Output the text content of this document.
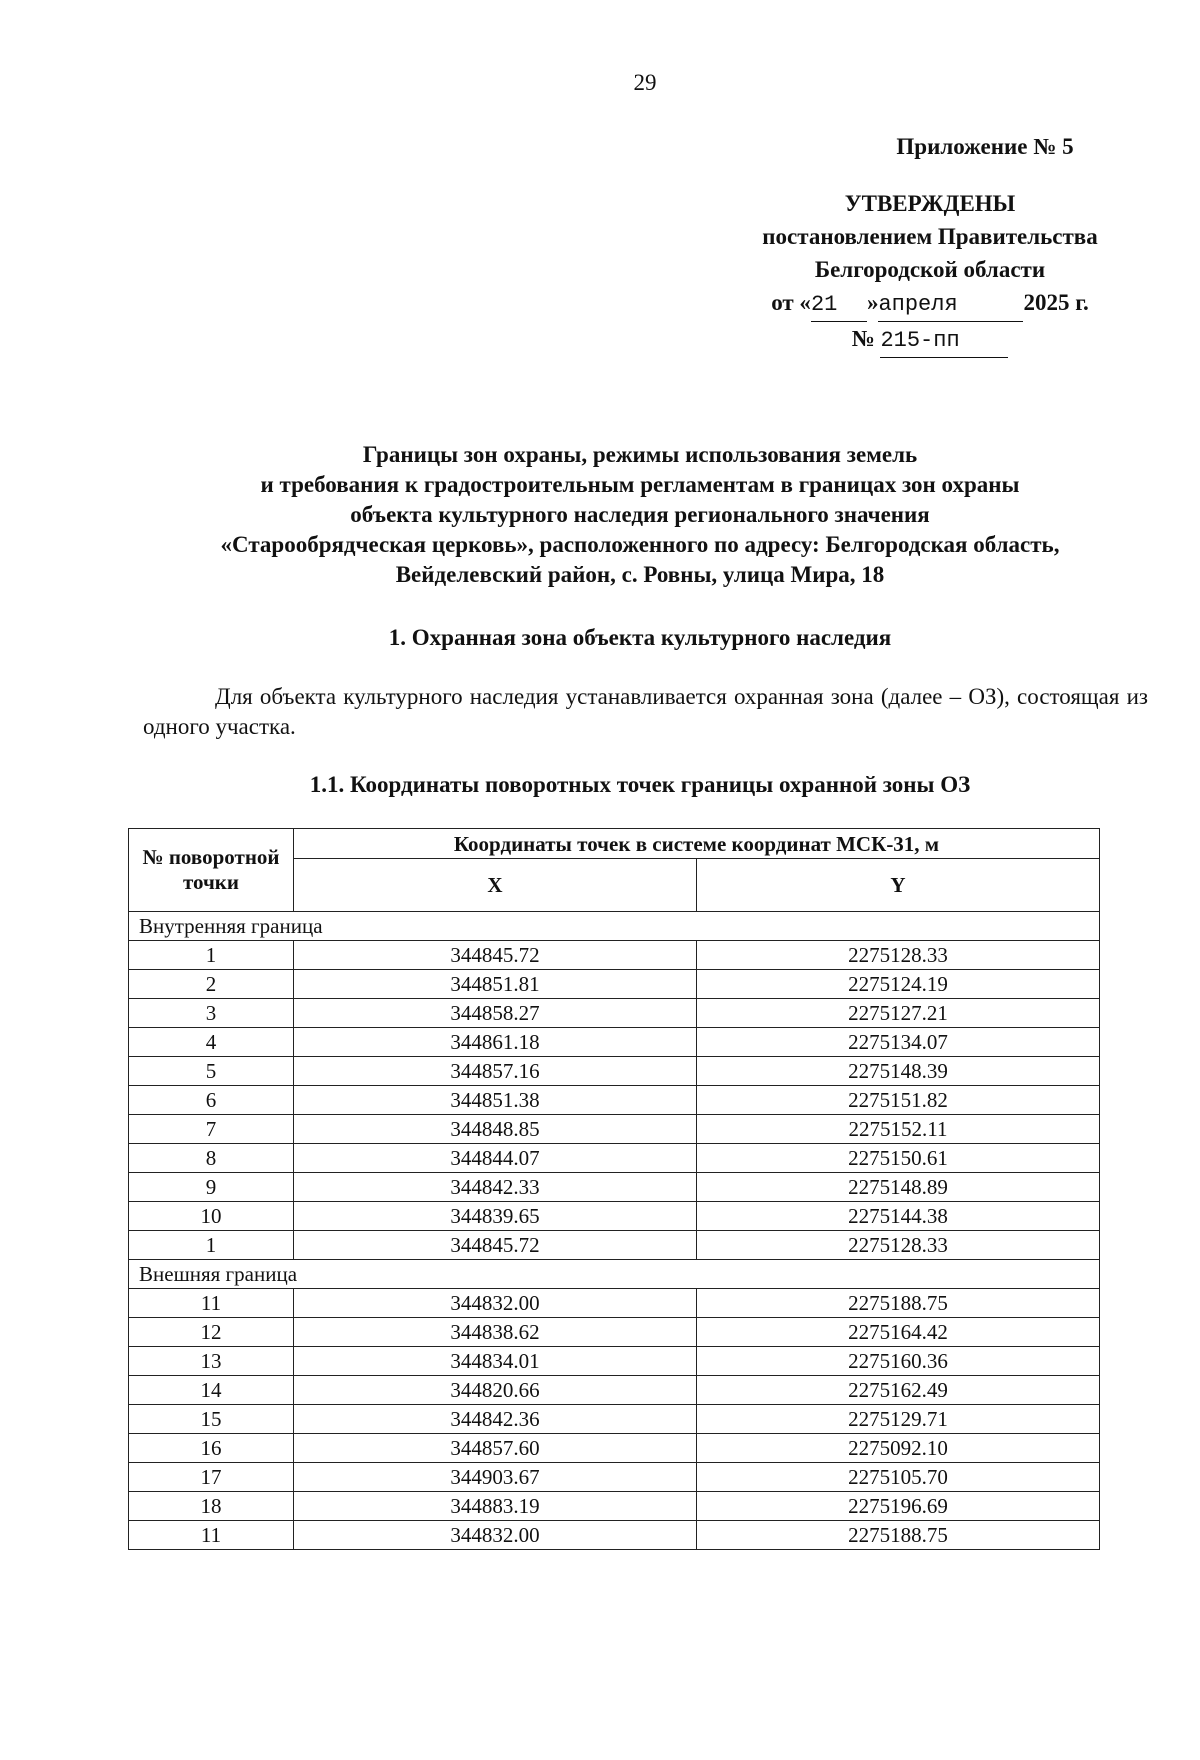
29
Приложение № 5
УТВЕРЖДЕНЫ
постановлением Правительства
Белгородской области
от «21 »апреля	2025 г.
№ 215-пп
Границы зон охраны, режимы использования земель
и требования к градостроительным регламентам в границах зон охраны
объекта культурного наследия регионального значения
«Старообрядческая церковь», расположенного по адресу: Белгородская область,
Вейделевский район, с. Ровны, улица Мира, 18
1. Охранная зона объекта культурного наследия
Для объекта культурного наследия устанавливается охранная зона (далее – ОЗ), состоящая из одного участка.
1.1. Координаты поворотных точек границы охранной зоны ОЗ
№ поворотной точки	Координаты точек в системе координат МСК-31, м	
	X	Y
Внутренняя граница		
1	344845.72	2275128.33
2	344851.81	2275124.19
3	344858.27	2275127.21
4	344861.18	2275134.07
5	344857.16	2275148.39
6	344851.38	2275151.82
7	344848.85	2275152.11
8	344844.07	2275150.61
9	344842.33	2275148.89
10	344839.65	2275144.38
1	344845.72	2275128.33
Внешняя граница		
11	344832.00	2275188.75
12	344838.62	2275164.42
13	344834.01	2275160.36
14	344820.66	2275162.49
15	344842.36	2275129.71
16	344857.60	2275092.10
17	344903.67	2275105.70
18	344883.19	2275196.69
11	344832.00	2275188.75
